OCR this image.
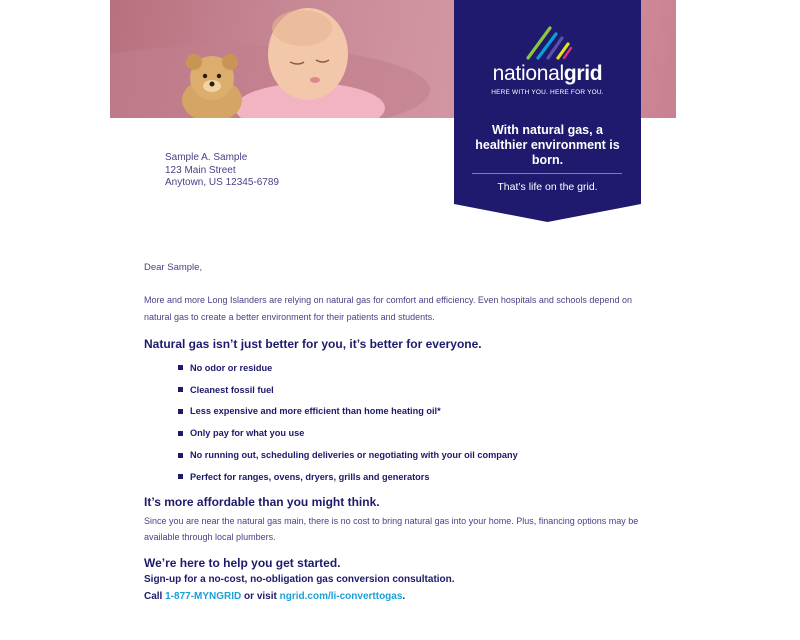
nationalgrid
HERE WITH YOU. HERE FOR YOU.
With natural gas, a healthier environment is born.
That’s life on the grid.
Sample A. Sample
123 Main Street
Anytown, US 12345-6789
Dear Sample,
More and more Long Islanders are relying on natural gas for comfort and efficiency. Even hospitals and schools depend on natural gas to create a better environment for their patients and students.
Natural gas isn’t just better for you, it’s better for everyone.
No odor or residue
Cleanest fossil fuel
Less expensive and more efficient than home heating oil*
Only pay for what you use
No running out, scheduling deliveries or negotiating with your oil company
Perfect for ranges, ovens, dryers, grills and generators
It’s more affordable than you might think.
Since you are near the natural gas main, there is no cost to bring natural gas into your home. Plus, financing options may be available through local plumbers.
We’re here to help you get started.
Sign-up for a no-cost, no-obligation gas conversion consultation.
Call 1-877-MYNGRID or visit ngrid.com/li-converttogas.
